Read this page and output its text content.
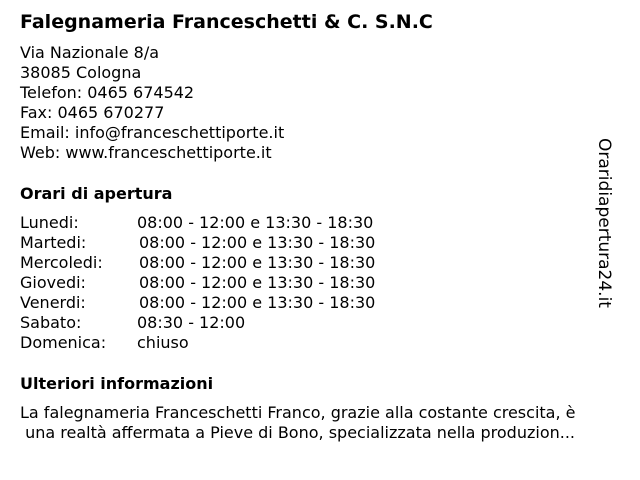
Falegnameria Franceschetti & C. S.N.C
Via Nazionale 8/a
38085 Cologna
Telefon: 0465 674542
Fax: 0465 670277
Email: info@franceschettiporte.it
Web: www.franceschettiporte.it
Orari di apertura
Lunedi:	08:00 - 12:00 e 13:30 - 18:30
Martedi:	08:00 - 12:00 e 13:30 - 18:30
Mercoledi: 08:00 - 12:00 e 13:30 - 18:30
Giovedi:	08:00 - 12:00 e 13:30 - 18:30
Venerdi:	08:00 - 12:00 e 13:30 - 18:30
Sabato:	08:30 - 12:00
Domenica: chiuso
Ulteriori informazioni
La falegnameria Franceschetti Franco, grazie alla costante crescita, è
una realtà affermata a Pieve di Bono, specializzata nella produzion...
Oraridiapertura24.it
